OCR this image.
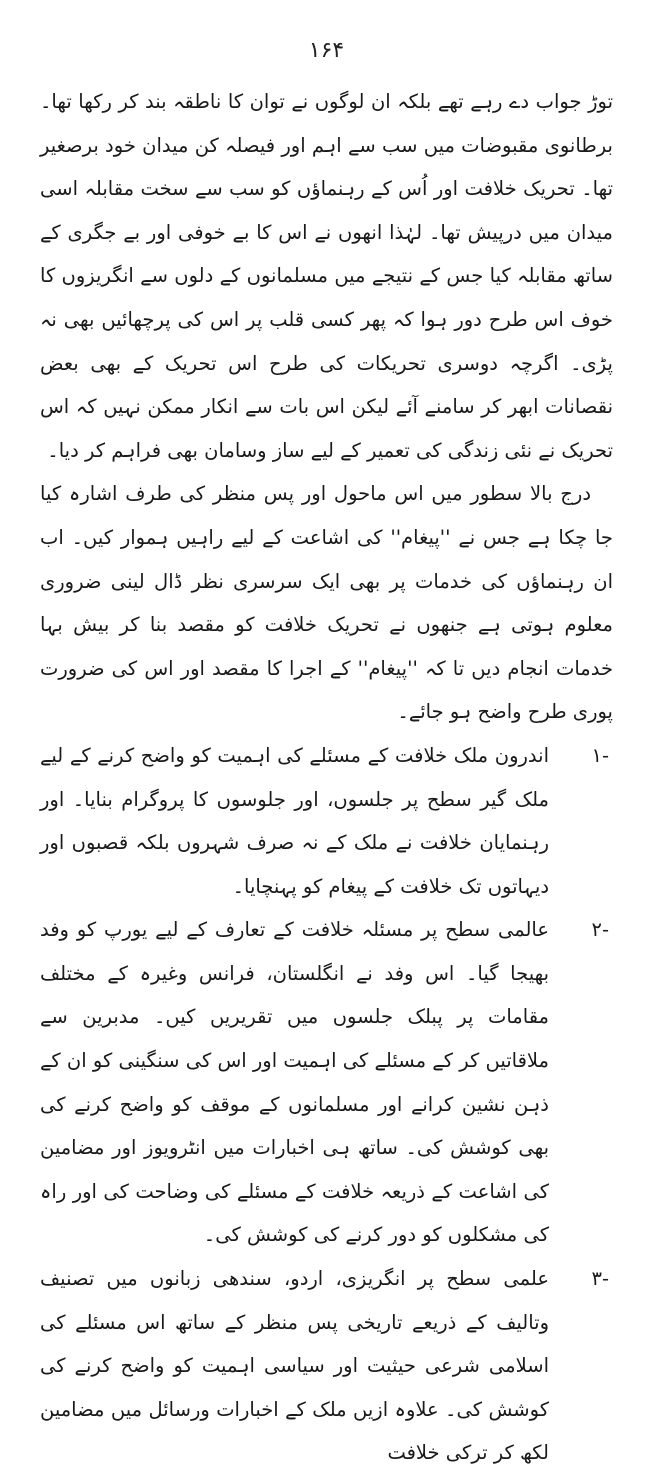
۱۶۴

توڑ جواب دے رہے تھے بلکہ ان لوگوں نے توان کا ناطقہ بند کر رکھا تھا۔ برطانوی مقبوضات میں سب سے اہم اور فیصلہ کن میدان خود برصغیر تھا۔ تحریک خلافت اور اُس کے رہنماؤں کو سب سے سخت مقابلہ اسی میدان میں درپیش تھا۔ لہٰذا انھوں نے اس کا بے خوفی اور بے جگری کے ساتھ مقابلہ کیا جس کے نتیجے میں مسلمانوں کے دلوں سے انگریزوں کا خوف اس طرح دور ہوا کہ پھر کسی قلب پر اس کی پرچھائیں بھی نہ پڑی۔ اگرچہ دوسری تحریکات کی طرح اس تحریک کے بھی بعض نقصانات ابھر کر سامنے آئے لیکن اس بات سے انکار ممکن نہیں کہ اس تحریک نے نئی زندگی کی تعمیر کے لیے ساز وسامان بھی فراہم کر دیا۔

درج بالا سطور میں اس ماحول اور پس منظر کی طرف اشارہ کیا جا چکا ہے جس نے ''پیغام'' کی اشاعت کے لیے راہیں ہموار کیں۔ اب ان رہنماؤں کی خدمات پر بھی ایک سرسری نظر ڈال لینی ضروری معلوم ہوتی ہے جنھوں نے تحریک خلافت کو مقصد بنا کر بیش بہا خدمات انجام دیں تا کہ ''پیغام'' کے اجرا کا مقصد اور اس کی ضرورت پوری طرح واضح ہو جائے۔

-۱
اندرون ملک خلافت کے مسئلے کی اہمیت کو واضح کرنے کے لیے ملک گیر سطح پر جلسوں، اور جلوسوں کا پروگرام بنایا۔ اور رہنمایان خلافت نے ملک کے نہ صرف شہروں بلکہ قصبوں اور دیہاتوں تک خلافت کے پیغام کو پہنچایا۔
-۲
عالمی سطح پر مسئلہ خلافت کے تعارف کے لیے یورپ کو وفد بھیجا گیا۔ اس وفد نے انگلستان، فرانس وغیرہ کے مختلف مقامات پر پبلک جلسوں میں تقریریں کیں۔ مدبرین سے ملاقاتیں کر کے مسئلے کی اہمیت اور اس کی سنگینی کو ان کے ذہن نشین کرانے اور مسلمانوں کے موقف کو واضح کرنے کی بھی کوشش کی۔ ساتھ ہی اخبارات میں انٹرویوز اور مضامین کی اشاعت کے ذریعہ خلافت کے مسئلے کی وضاحت کی اور راہ کی مشکلوں کو دور کرنے کی کوشش کی۔
-۳
علمی سطح پر انگریزی، اردو، سندھی زبانوں میں تصنیف وتالیف کے ذریعے تاریخی پس منظر کے ساتھ اس مسئلے کی اسلامی شرعی حیثیت اور سیاسی اہمیت کو واضح کرنے کی کوشش کی۔ علاوہ ازیں ملک کے اخبارات ورسائل میں مضامین لکھ کر ترکی خلافت
